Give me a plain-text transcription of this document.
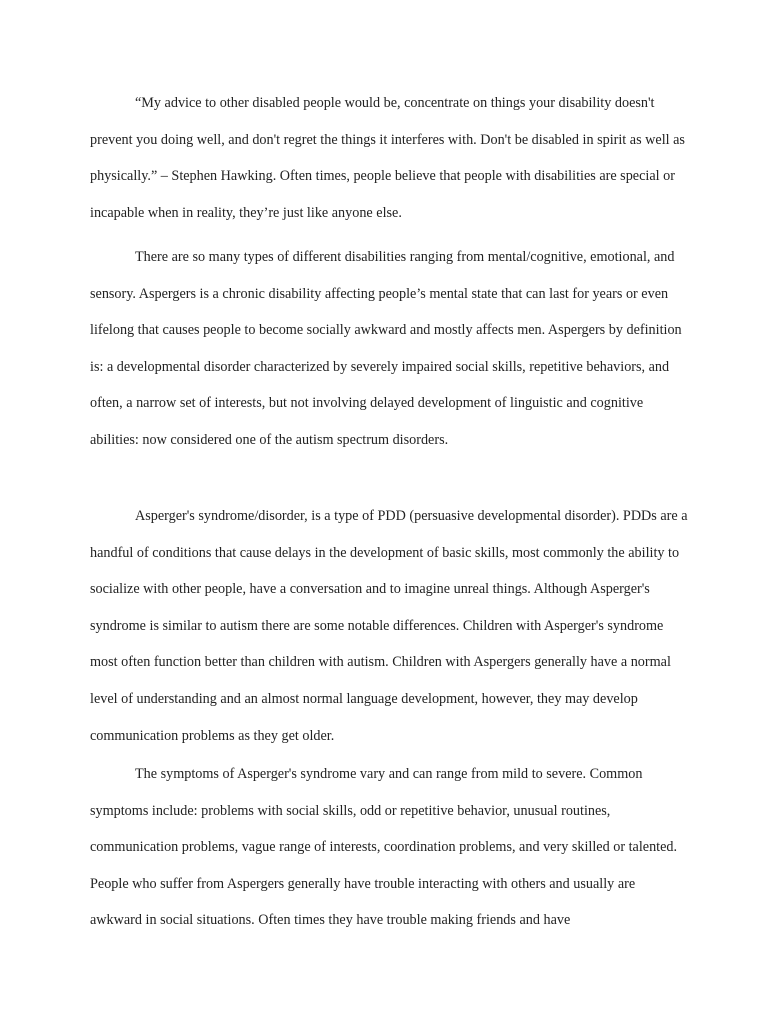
“My advice to other disabled people would be, concentrate on things your disability doesn't prevent you doing well, and don't regret the things it interferes with. Don't be disabled in spirit as well as physically.” – Stephen Hawking. Often times, people believe that people with disabilities are special or incapable when in reality, they’re just like anyone else.

There are so many types of different disabilities ranging from mental/cognitive, emotional, and sensory. Aspergers is a chronic disability affecting people’s mental state that can last for years or even lifelong that causes people to become socially awkward and mostly affects men. Aspergers by definition is: a developmental disorder characterized by severely impaired social skills, repetitive behaviors, and often, a narrow set of interests, but not involving delayed development of linguistic and cognitive abilities: now considered one of the autism spectrum disorders.

Asperger's syndrome/disorder, is a type of PDD (persuasive developmental disorder). PDDs are a handful of conditions that cause delays in the development of basic skills, most commonly the ability to socialize with other people, have a conversation and to imagine unreal things. Although Asperger's syndrome is similar to autism there are some notable differences. Children with Asperger's syndrome most often function better than children with autism. Children with Aspergers generally have a normal level of understanding and an almost normal language development, however, they may develop communication problems as they get older.

The symptoms of Asperger's syndrome vary and can range from mild to severe. Common symptoms include: problems with social skills, odd or repetitive behavior, unusual routines, communication problems, vague range of interests, coordination problems, and very skilled or talented. People who suffer from Aspergers generally have trouble interacting with others and usually are awkward in social situations. Often times they have trouble making friends and have
